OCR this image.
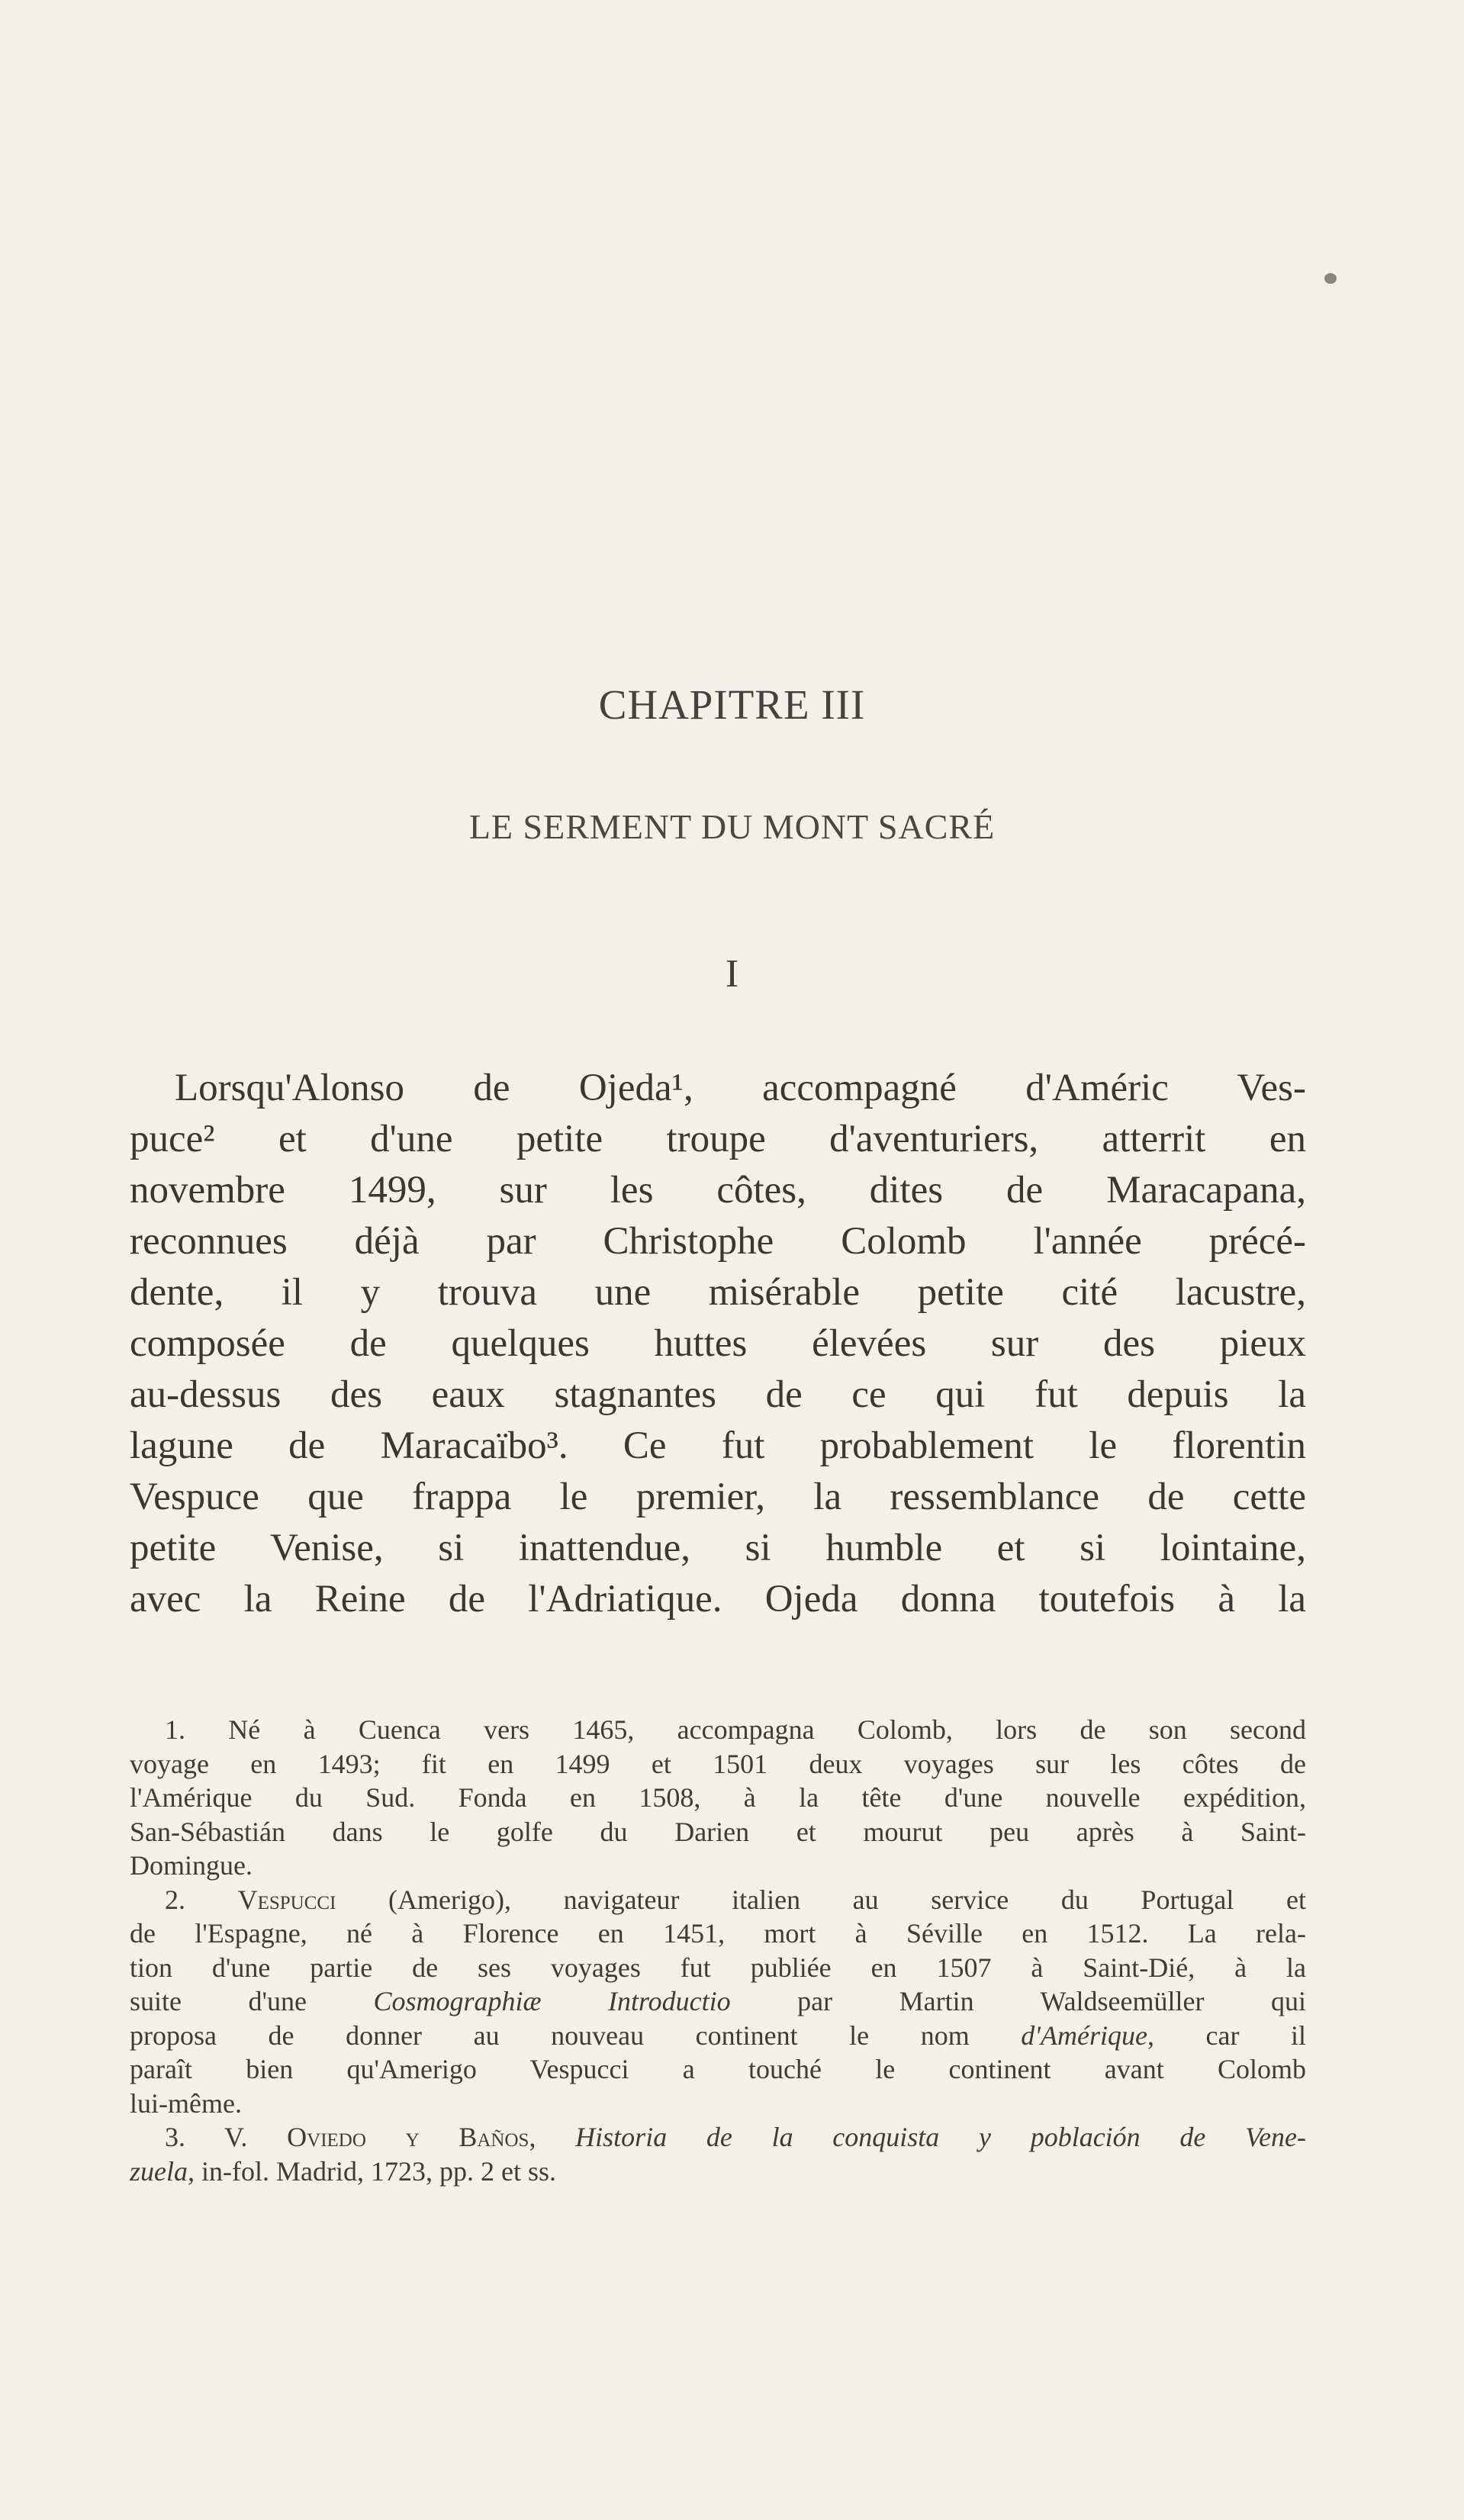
CHAPITRE III
LE SERMENT DU MONT SACRÉ
I
Lorsqu'Alonso de Ojeda¹, accompagné d'Améric Ves-
puce² et d'une petite troupe d'aventuriers, atterrit en
novembre 1499, sur les côtes, dites de Maracapana,
reconnues déjà par Christophe Colomb l'année précé-
dente, il y trouva une misérable petite cité lacustre,
composée de quelques huttes élevées sur des pieux
au-dessus des eaux stagnantes de ce qui fut depuis la
lagune de Maracaïbo³. Ce fut probablement le florentin
Vespuce que frappa le premier, la ressemblance de cette
petite Venise, si inattendue, si humble et si lointaine,
avec la Reine de l'Adriatique. Ojeda donna toutefois à la
1. Né à Cuenca vers 1465, accompagna Colomb, lors de son second
voyage en 1493; fit en 1499 et 1501 deux voyages sur les côtes de
l'Amérique du Sud. Fonda en 1508, à la tête d'une nouvelle expédition,
San-Sébastián dans le golfe du Darien et mourut peu après à Saint-
Domingue.
2. Vespucci (Amerigo), navigateur italien au service du Portugal et
de l'Espagne, né à Florence en 1451, mort à Séville en 1512. La rela-
tion d'une partie de ses voyages fut publiée en 1507 à Saint-Dié, à la
suite d'une Cosmographiæ Introductio par Martin Waldseemüller qui
proposa de donner au nouveau continent le nom d'Amérique, car il
paraît bien qu'Amerigo Vespucci a touché le continent avant Colomb
lui-même.
3. V. Oviedo y Baños, Historia de la conquista y población de Vene-
zuela, in-fol. Madrid, 1723, pp. 2 et ss.
